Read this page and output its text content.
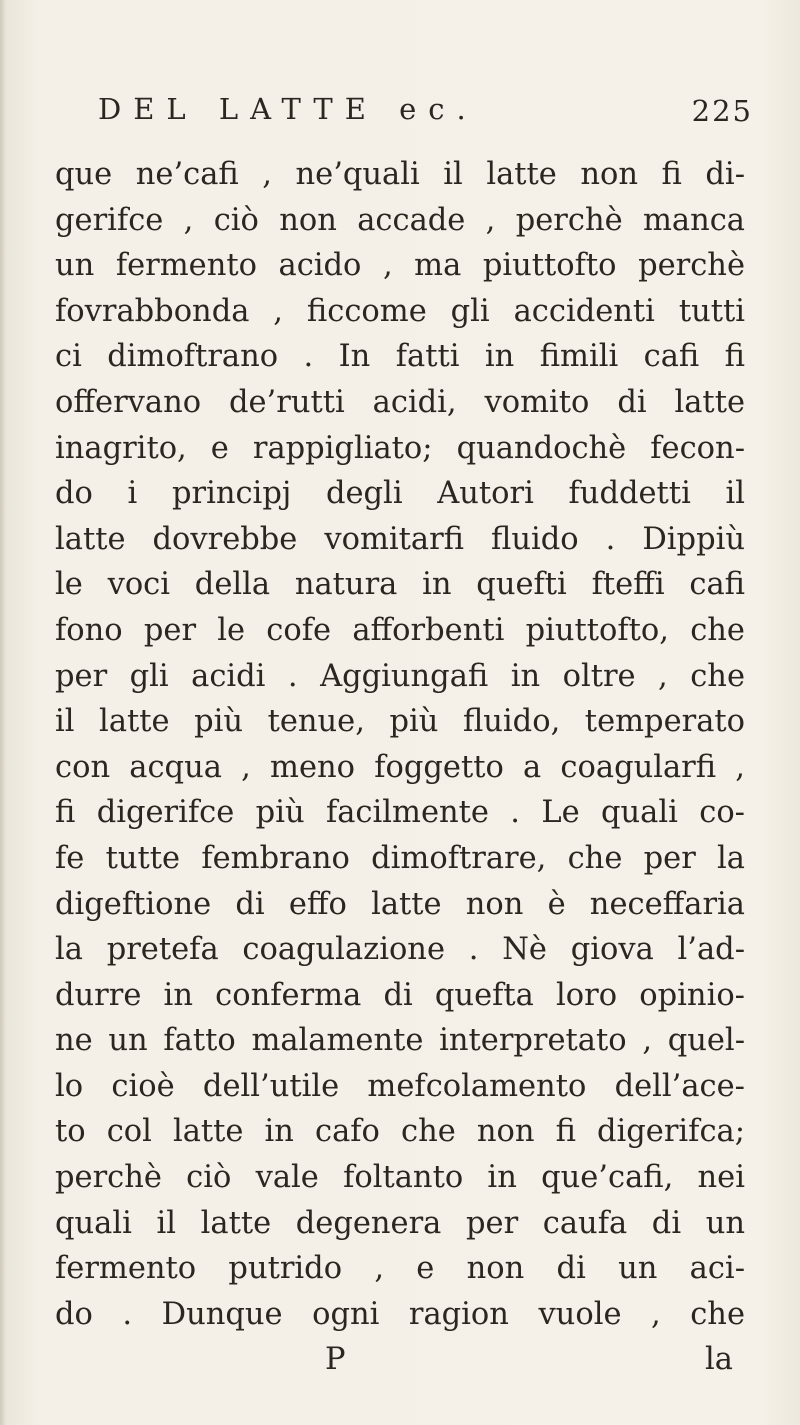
DEL LATTE ec.	225
que ne’cafi , ne’quali il latte non fi di-
gerifce , ciò non accade , perchè manca
un fermento acido , ma piuttofto perchè
fovrabbonda , ficcome gli accidenti tutti
ci dimoftrano . In fatti in fimili cafi fi
offervano de’rutti acidi, vomito di latte
inagrito, e rappigliato; quandochè fecon-
do i principj degli Autori fuddetti il
latte dovrebbe vomitarfi fluido . Dippiù
le voci della natura in quefti fteffi cafi
fono per le cofe afforbenti piuttofto, che
per gli acidi . Aggiungafi in oltre , che
il latte più tenue, più fluido, temperato
con acqua , meno foggetto a coagularfi ,
fi digerifce più facilmente . Le quali co-
fe tutte fembrano dimoftrare, che per la
digeftione di effo latte non è neceffaria
la pretefa coagulazione . Nè giova l’ad-
durre in conferma di quefta loro opinio-
ne un fatto malamente interpretato , quel-
lo cioè dell’utile mefcolamento dell’ace-
to col latte in cafo che non fi digerifca;
perchè ciò vale foltanto in que’cafi, nei
quali il latte degenera per caufa di un
fermento putrido , e non di un aci-
do . Dunque ogni ragion vuole , che
P	la
